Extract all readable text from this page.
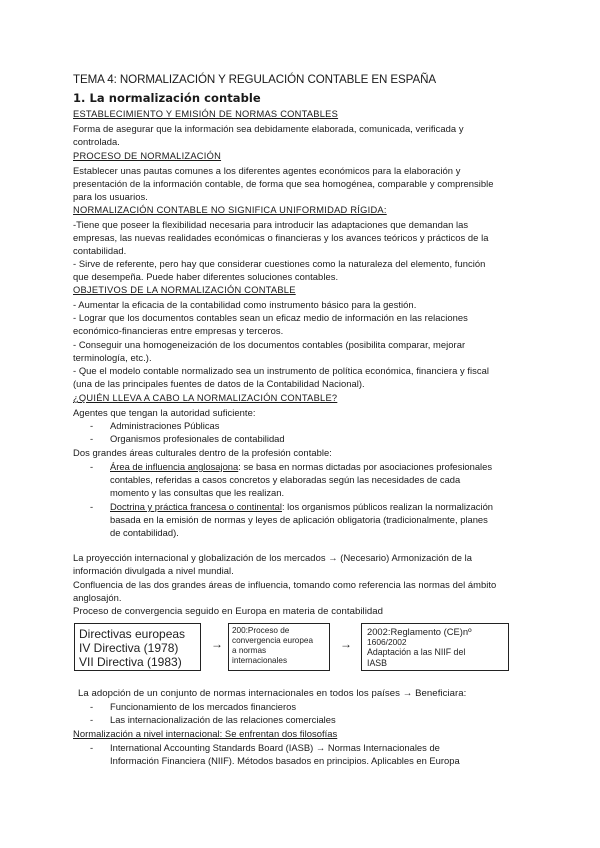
TEMA 4: NORMALIZACIÓN Y REGULACIÓN CONTABLE EN ESPAÑA
1. La normalización contable
ESTABLECIMIENTO Y EMISIÓN DE NORMAS CONTABLES
Forma de asegurar que la información sea debidamente elaborada, comunicada, verificada y
controlada.
PROCESO DE NORMALIZACIÓN
Establecer unas pautas comunes a los diferentes agentes económicos para la elaboración y
presentación de la información contable, de forma que sea homogénea, comparable y comprensible
para los usuarios.
NORMALIZACIÓN CONTABLE NO SIGNIFICA UNIFORMIDAD RÍGIDA:
-Tiene que poseer la flexibilidad necesaria para introducir las adaptaciones que demandan las
empresas, las nuevas realidades económicas o financieras y los avances teóricos y prácticos de la
contabilidad.
- Sirve de referente, pero hay que considerar cuestiones como la naturaleza del elemento, función
que desempeña. Puede haber diferentes soluciones contables.
OBJETIVOS DE LA NORMALIZACIÓN CONTABLE
- Aumentar la eficacia de la contabilidad como instrumento básico para la gestión.
- Lograr que los documentos contables sean un eficaz medio de información en las relaciones
económico-financieras entre empresas y terceros.
- Conseguir una homogeneización de los documentos contables (posibilita comparar, mejorar
terminología, etc.).
- Que el modelo contable normalizado sea un instrumento de política económica, financiera y fiscal
(una de las principales fuentes de datos de la Contabilidad Nacional).
¿QUIÉN LLEVA A CABO LA NORMALIZACIÓN CONTABLE?
Agentes que tengan la autoridad suficiente:
- Administraciones Públicas
- Organismos profesionales de contabilidad
Dos grandes áreas culturales dentro de la profesión contable:
- Área de influencia anglosajona: se basa en normas dictadas por asociaciones profesionales
contables, referidas a casos concretos y elaboradas según las necesidades de cada
momento y las consultas que les realizan.
- Doctrina y práctica francesa o continental: los organismos públicos realizan la normalización
basada en la emisión de normas y leyes de aplicación obligatoria (tradicionalmente, planes
de contabilidad).
La proyección internacional y globalización de los mercados → (Necesario) Armonización de la
información divulgada a nivel mundial.
Confluencia de las dos grandes áreas de influencia, tomando como referencia las normas del ámbito
anglosajón.
Proceso de convergencia seguido en Europa en materia de contabilidad
Directivas europeas
IV Directiva (1978)
VII Directiva (1983)
→
200:Proceso de
convergencia europea
a normas
internacionales
→
2002:Reglamento (CE)nº
1606/2002
Adaptación a las NIIF del
IASB
La adopción de un conjunto de normas internacionales en todos los países → Beneficiara:
- Funcionamiento de los mercados financieros
- Las internacionalización de las relaciones comerciales
Normalización a nivel internacional: Se enfrentan dos filosofías
- International Accounting Standards Board (IASB) → Normas Internacionales de
Información Financiera (NIIF). Métodos basados en principios. Aplicables en Europa
